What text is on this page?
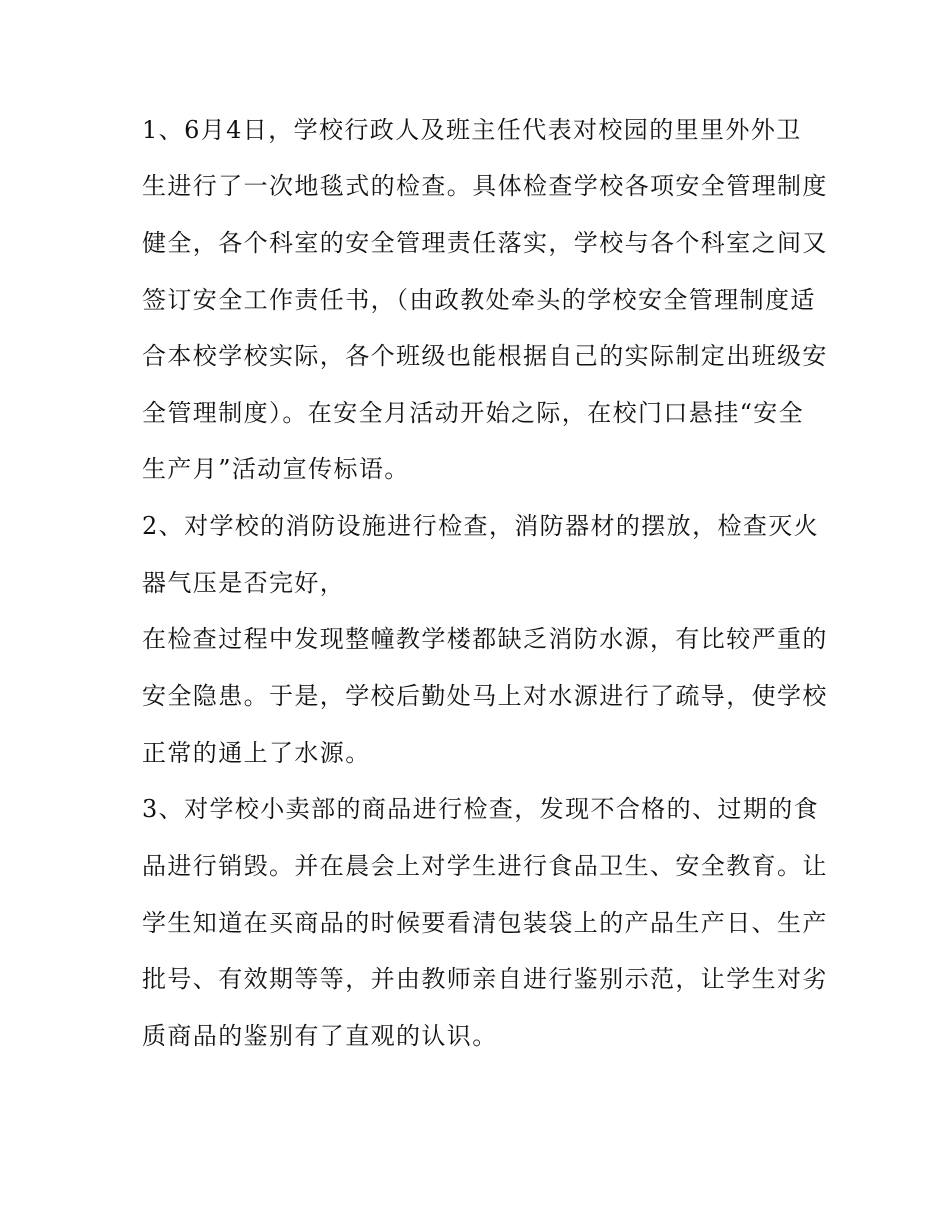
1、6月4日，学校行政人及班主任代表对校园的里里外外卫
生进行了一次地毯式的检查。具体检查学校各项安全管理制度
健全，各个科室的安全管理责任落实，学校与各个科室之间又
签订安全工作责任书，（由政教处牵头的学校安全管理制度适
合本校学校实际，各个班级也能根据自己的实际制定出班级安
全管理制度）。在安全月活动开始之际，在校门口悬挂“安全
生产月”活动宣传标语。
2、对学校的消防设施进行检查，消防器材的摆放，检查灭火
器气压是否完好，
在检查过程中发现整幢教学楼都缺乏消防水源，有比较严重的
安全隐患。于是，学校后勤处马上对水源进行了疏导，使学校
正常的通上了水源。
3、对学校小卖部的商品进行检查，发现不合格的、过期的食
品进行销毁。并在晨会上对学生进行食品卫生、安全教育。让
学生知道在买商品的时候要看清包装袋上的产品生产日、生产
批号、有效期等等，并由教师亲自进行鉴别示范，让学生对劣
质商品的鉴别有了直观的认识。
